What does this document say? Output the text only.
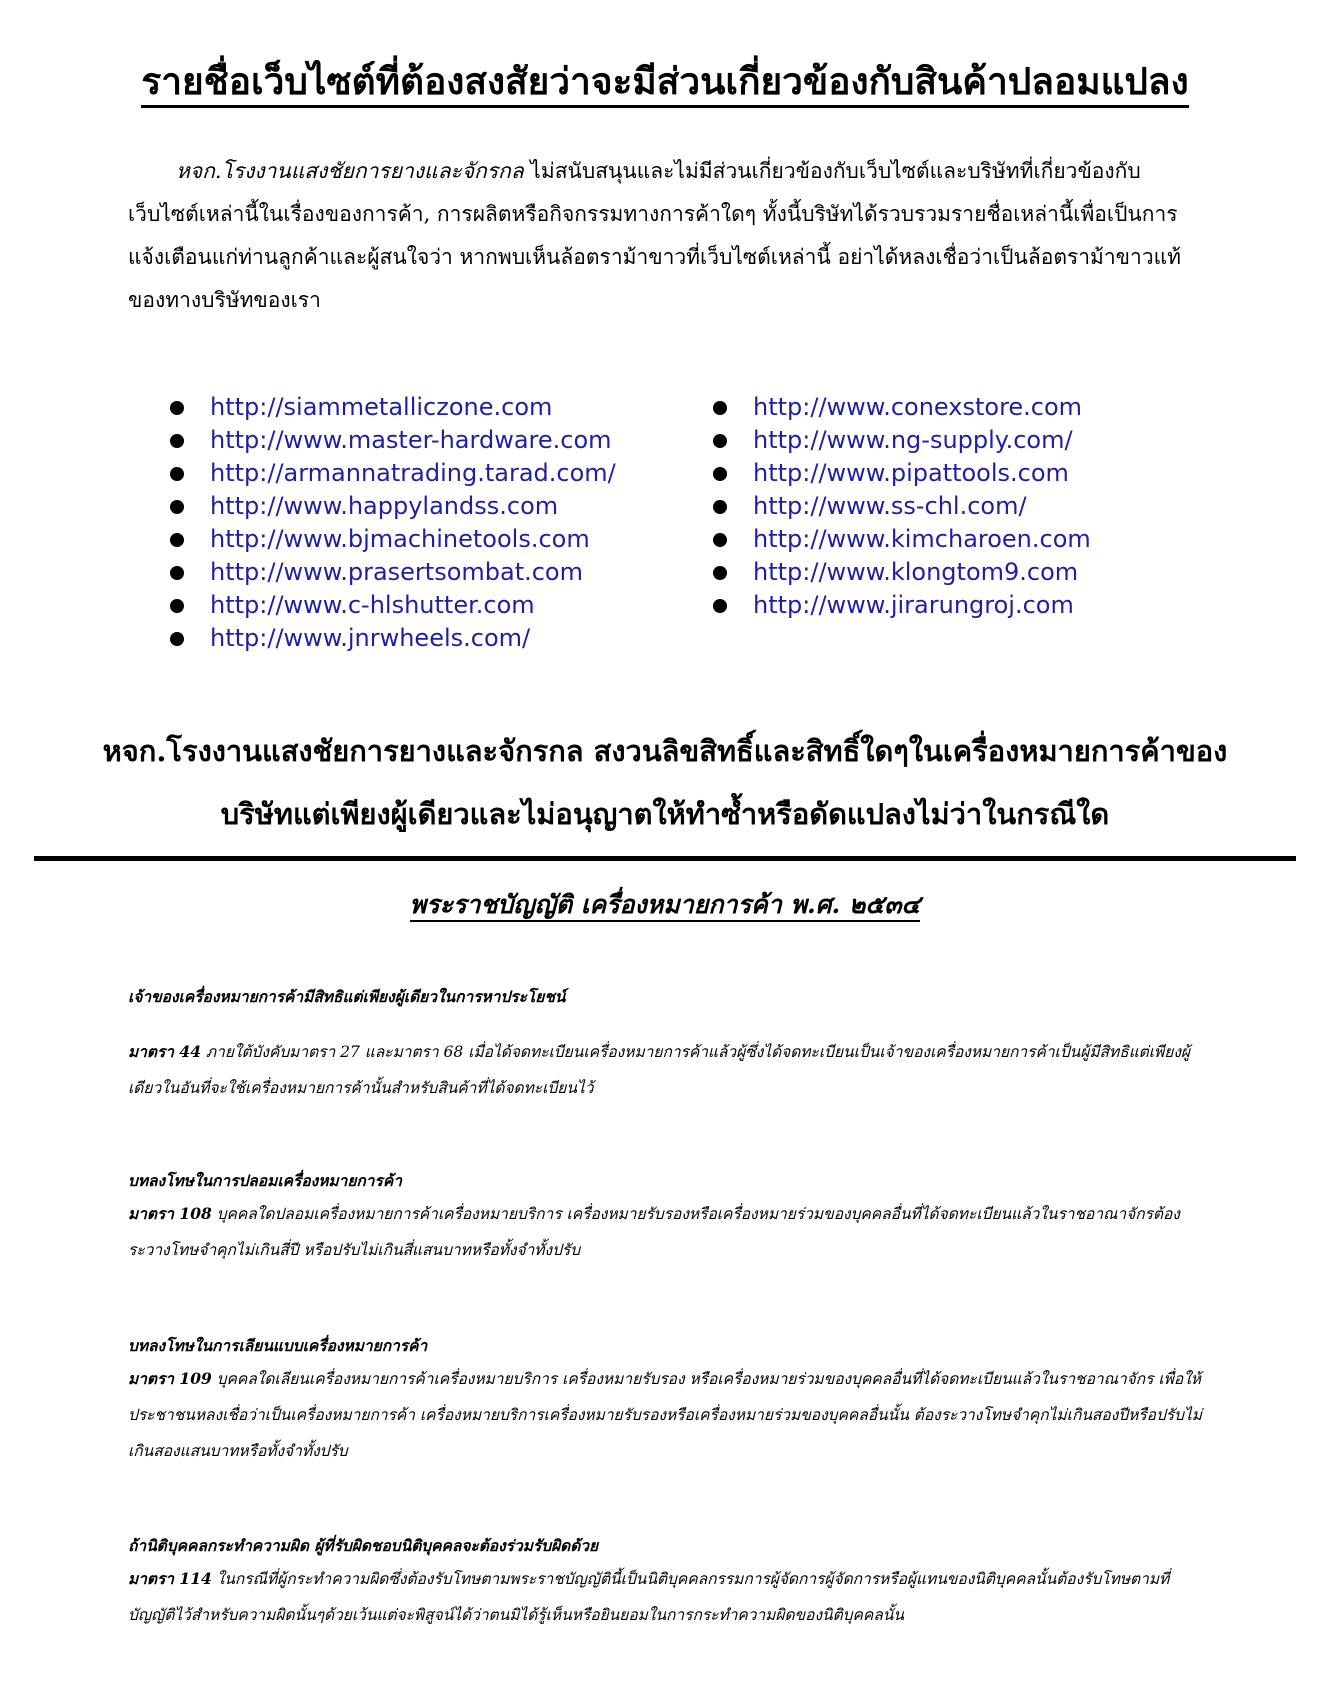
รายชื่อเว็บไซต์ที่ต้องสงสัยว่าจะมีส่วนเกี่ยวข้องกับสินค้าปลอมแปลง

หจก.โรงงานแสงชัยการยางและจักรกล ไม่สนับสนุนและไม่มีส่วนเกี่ยวข้องกับเว็บไซต์และบริษัทที่เกี่ยวข้องกับเว็บไซต์เหล่านี้ในเรื่องของการค้า, การผลิตหรือกิจกรรมทางการค้าใดๆ ทั้งนี้บริษัทได้รวบรวมรายชื่อเหล่านี้เพื่อเป็นการแจ้งเตือนแก่ท่านลูกค้าและผู้สนใจว่า หากพบเห็นล้อตราม้าขาวที่เว็บไซต์เหล่านี้ อย่าได้หลงเชื่อว่าเป็นล้อตราม้าขาวแท้ของทางบริษัทของเรา

http://siammetalliczone.com
http://www.master-hardware.com
http://armannatrading.tarad.com/
http://www.happylandss.com
http://www.bjmachinetools.com
http://www.prasertsombat.com
http://www.c-hlshutter.com
http://www.jnrwheels.com/
http://www.conexstore.com
http://www.ng-supply.com/
http://www.pipattools.com
http://www.ss-chl.com/
http://www.kimcharoen.com
http://www.klongtom9.com
http://www.jirarungroj.com

หจก.โรงงานแสงชัยการยางและจักรกล สงวนลิขสิทธิ์และสิทธิ์ใดๆในเครื่องหมายการค้าของ
บริษัทแต่เพียงผู้เดียวและไม่อนุญาตให้ทำซ้ำหรือดัดแปลงไม่ว่าในกรณีใด

พระราชบัญญัติ เครื่องหมายการค้า พ.ศ. ๒๕๓๔

เจ้าของเครื่องหมายการค้ามีสิทธิแต่เพียงผู้เดียวในการหาประโยชน์

มาตรา 44 ภายใต้บังคับมาตรา 27 และมาตรา 68 เมื่อได้จดทะเบียนเครื่องหมายการค้าแล้วผู้ซึ่งได้จดทะเบียนเป็นเจ้าของเครื่องหมายการค้าเป็นผู้มีสิทธิแต่เพียงผู้เดียวในอันที่จะใช้เครื่องหมายการค้านั้นสำหรับสินค้าที่ได้จดทะเบียนไว้

บทลงโทษในการปลอมเครื่องหมายการค้า

มาตรา 108 บุคคลใดปลอมเครื่องหมายการค้าเครื่องหมายบริการ เครื่องหมายรับรองหรือเครื่องหมายร่วมของบุคคลอื่นที่ได้จดทะเบียนแล้วในราชอาณาจักรต้องระวางโทษจำคุกไม่เกินสี่ปี หรือปรับไม่เกินสี่แสนบาทหรือทั้งจำทั้งปรับ

บทลงโทษในการเลียนแบบเครื่องหมายการค้า

มาตรา 109 บุคคลใดเลียนเครื่องหมายการค้าเครื่องหมายบริการ เครื่องหมายรับรอง หรือเครื่องหมายร่วมของบุคคลอื่นที่ได้จดทะเบียนแล้วในราชอาณาจักร เพื่อให้ประชาชนหลงเชื่อว่าเป็นเครื่องหมายการค้า เครื่องหมายบริการเครื่องหมายรับรองหรือเครื่องหมายร่วมของบุคคลอื่นนั้น ต้องระวางโทษจำคุกไม่เกินสองปีหรือปรับไม่เกินสองแสนบาทหรือทั้งจำทั้งปรับ

ถ้านิติบุคคลกระทำความผิด ผู้ที่รับผิดชอบนิติบุคคลจะต้องร่วมรับผิดด้วย

มาตรา 114 ในกรณีที่ผู้กระทำความผิดซึ่งต้องรับโทษตามพระราชบัญญัตินี้เป็นนิติบุคคลกรรมการผู้จัดการผู้จัดการหรือผู้แทนของนิติบุคคลนั้นต้องรับโทษตามที่บัญญัติไว้สำหรับความผิดนั้นๆด้วยเว้นแต่จะพิสูจน์ได้ว่าตนมิได้รู้เห็นหรือยินยอมในการกระทำความผิดของนิติบุคคลนั้น
